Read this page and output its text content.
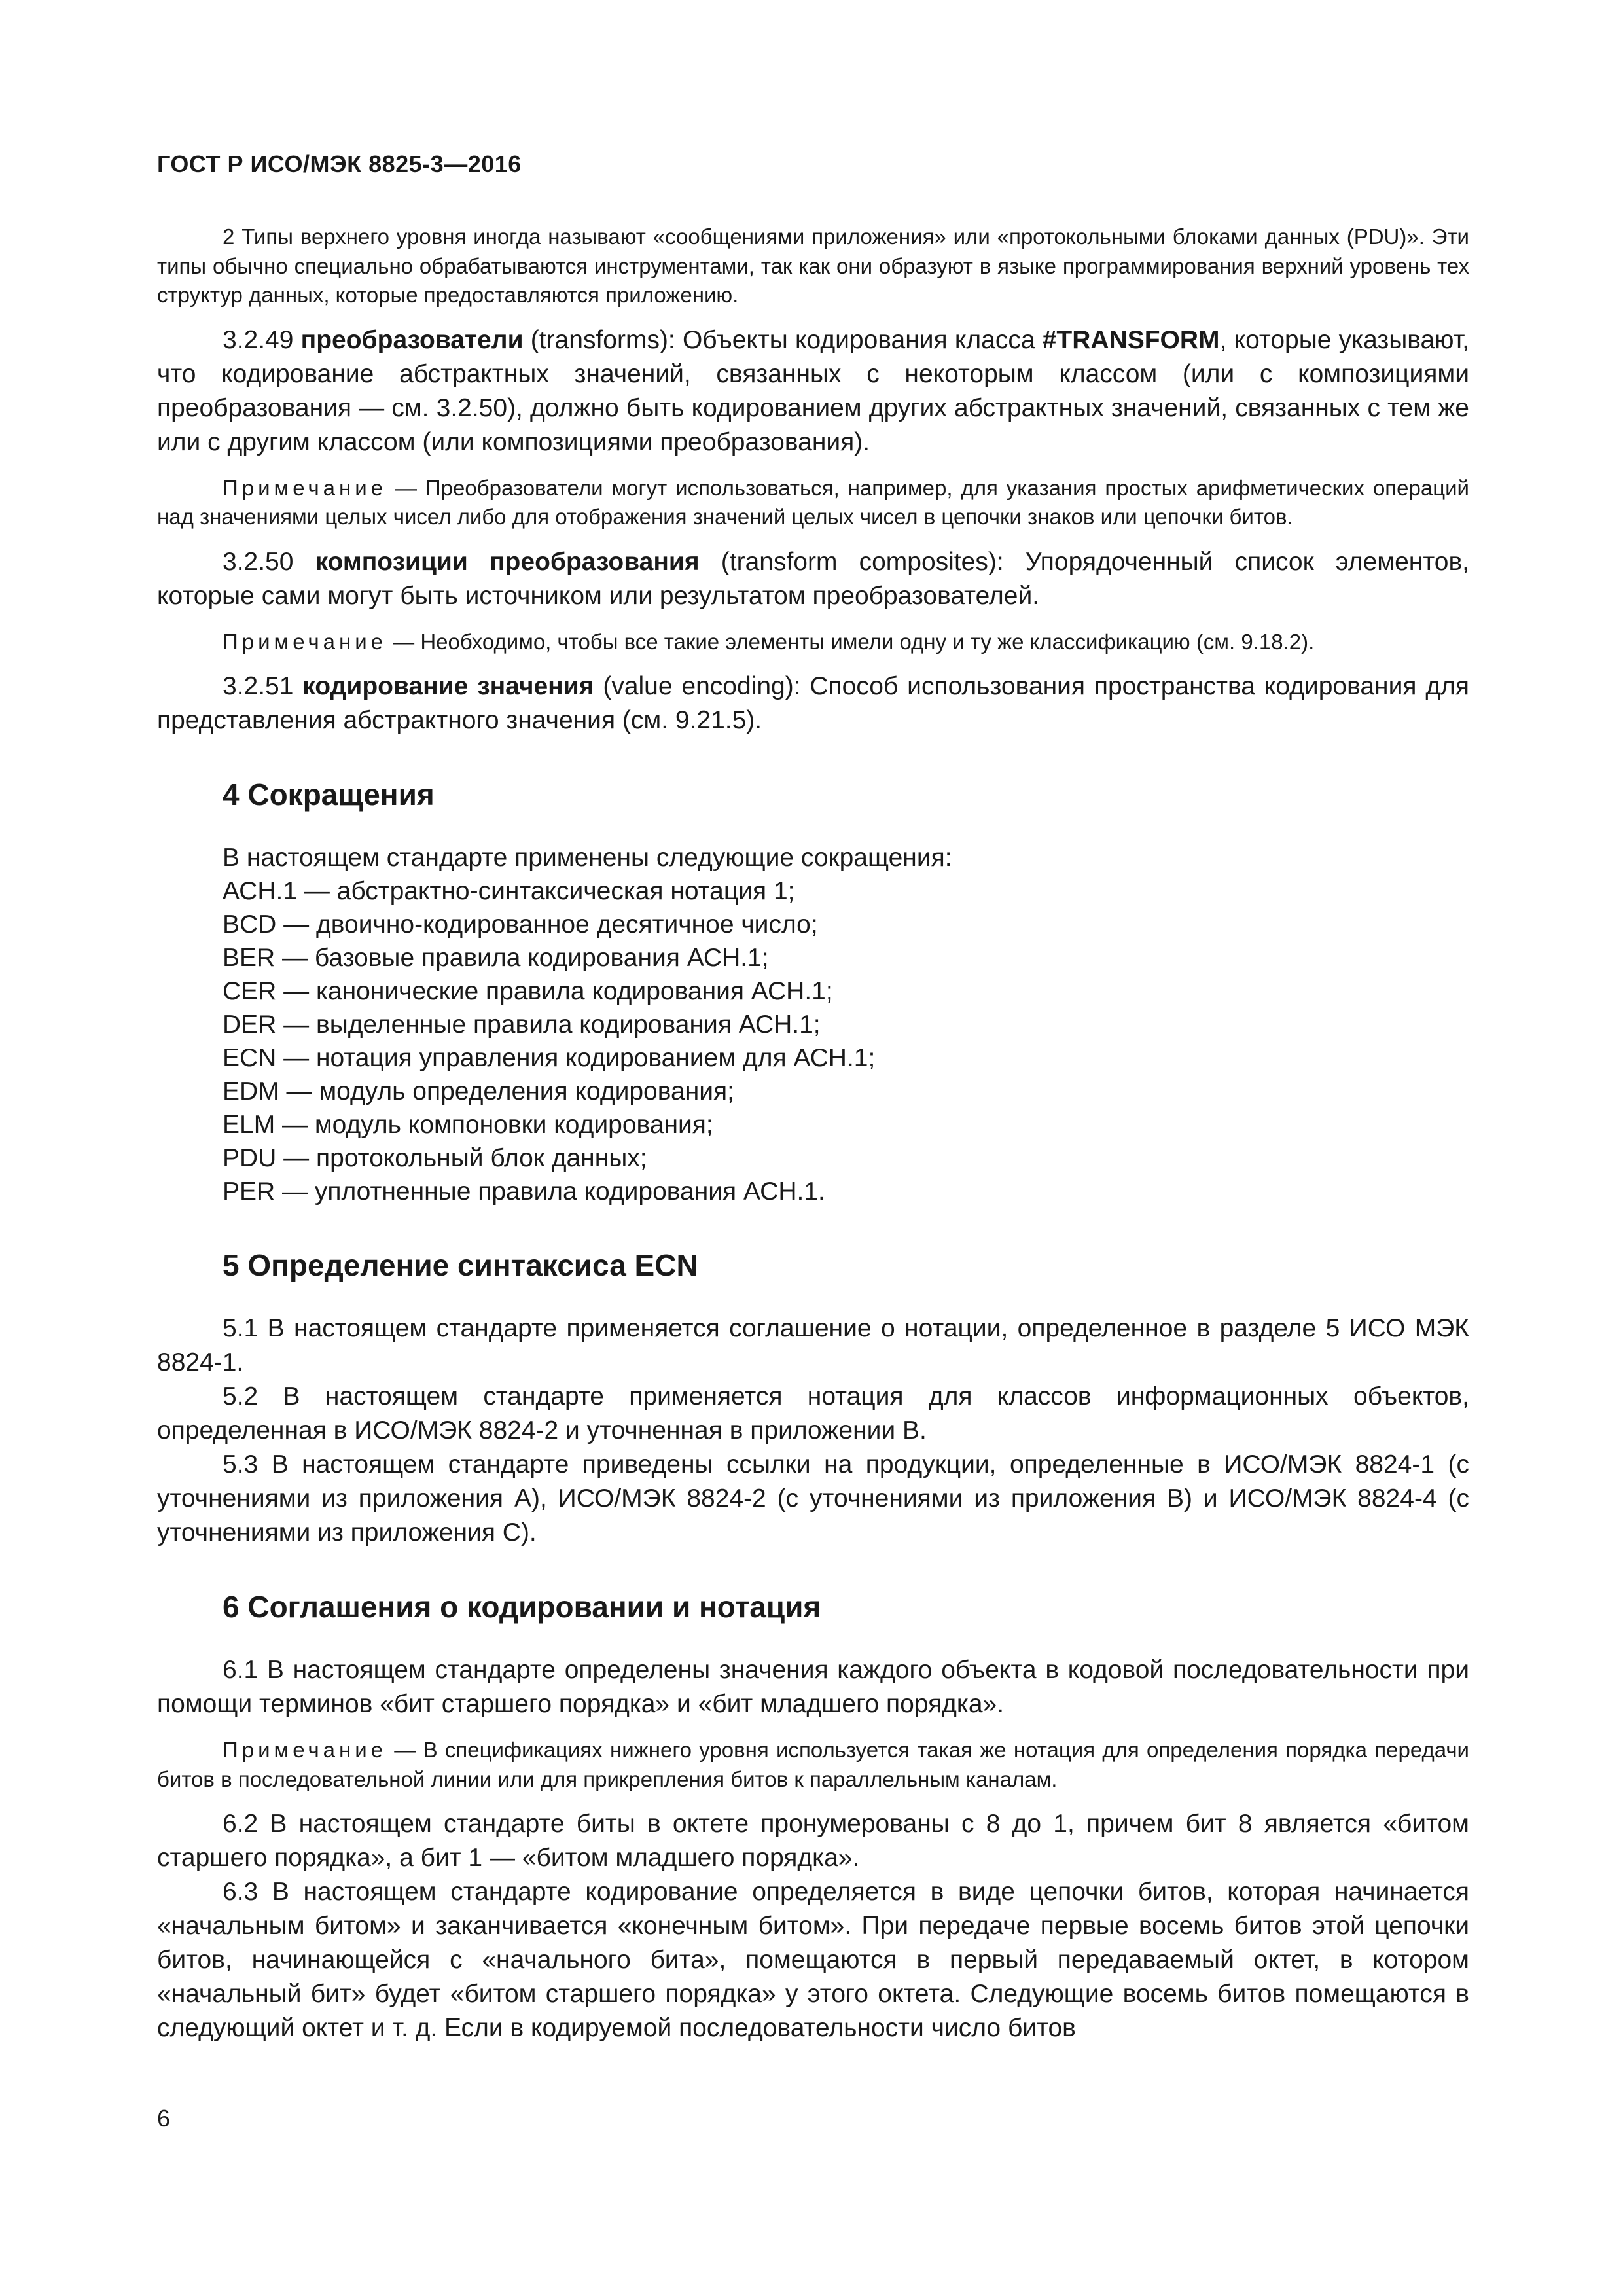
ГОСТ Р ИСО/МЭК 8825-3—2016

2 Типы верхнего уровня иногда называют «сообщениями приложения» или «протокольными блоками данных (PDU)». Эти типы обычно специально обрабатываются инструментами, так как они образуют в языке программирования верхний уровень тех структур данных, которые предоставляются приложению.

3.2.49 преобразователи (transforms): Объекты кодирования класса #TRANSFORM, которые указывают, что кодирование абстрактных значений, связанных с некоторым классом (или с композициями преобразования — см. 3.2.50), должно быть кодированием других абстрактных значений, связанных с тем же или с другим классом (или композициями преобразования).

Примечание — Преобразователи могут использоваться, например, для указания простых арифметических операций над значениями целых чисел либо для отображения значений целых чисел в цепочки знаков или цепочки битов.

3.2.50 композиции преобразования (transform composites): Упорядоченный список элементов, которые сами могут быть источником или результатом преобразователей.

Примечание — Необходимо, чтобы все такие элементы имели одну и ту же классификацию (см. 9.18.2).

3.2.51 кодирование значения (value encoding): Способ использования пространства кодирования для представления абстрактного значения (см. 9.21.5).

4 Сокращения
В настоящем стандарте применены следующие сокращения:
АСН.1 — абстрактно-синтаксическая нотация 1;
BCD — двоично-кодированное десятичное число;
BER — базовые правила кодирования АСН.1;
CER — канонические правила кодирования АСН.1;
DER — выделенные правила кодирования АСН.1;
ECN — нотация управления кодированием для АСН.1;
EDM — модуль определения кодирования;
ELM — модуль компоновки кодирования;
PDU — протокольный блок данных;
PER — уплотненные правила кодирования АСН.1.
5 Определение синтаксиса ECN

5.1 В настоящем стандарте применяется соглашение о нотации, определенное в разделе 5 ИСО МЭК 8824-1.

5.2 В настоящем стандарте применяется нотация для классов информационных объектов, определенная в ИСО/МЭК 8824-2 и уточненная в приложении В.

5.3 В настоящем стандарте приведены ссылки на продукции, определенные в ИСО/МЭК 8824-1 (с уточнениями из приложения А), ИСО/МЭК 8824-2 (с уточнениями из приложения В) и ИСО/МЭК 8824-4 (с уточнениями из приложения С).

6 Соглашения о кодировании и нотация

6.1 В настоящем стандарте определены значения каждого объекта в кодовой последовательности при помощи терминов «бит старшего порядка» и «бит младшего порядка».

Примечание — В спецификациях нижнего уровня используется такая же нотация для определения порядка передачи битов в последовательной линии или для прикрепления битов к параллельным каналам.

6.2 В настоящем стандарте биты в октете пронумерованы с 8 до 1, причем бит 8 является «битом старшего порядка», а бит 1 — «битом младшего порядка».

6.3 В настоящем стандарте кодирование определяется в виде цепочки битов, которая начинается «начальным битом» и заканчивается «конечным битом». При передаче первые восемь битов этой цепочки битов, начинающейся с «начального бита», помещаются в первый передаваемый октет, в котором «начальный бит» будет «битом старшего порядка» у этого октета. Следующие восемь битов помещаются в следующий октет и т. д. Если в кодируемой последовательности число битов

6
